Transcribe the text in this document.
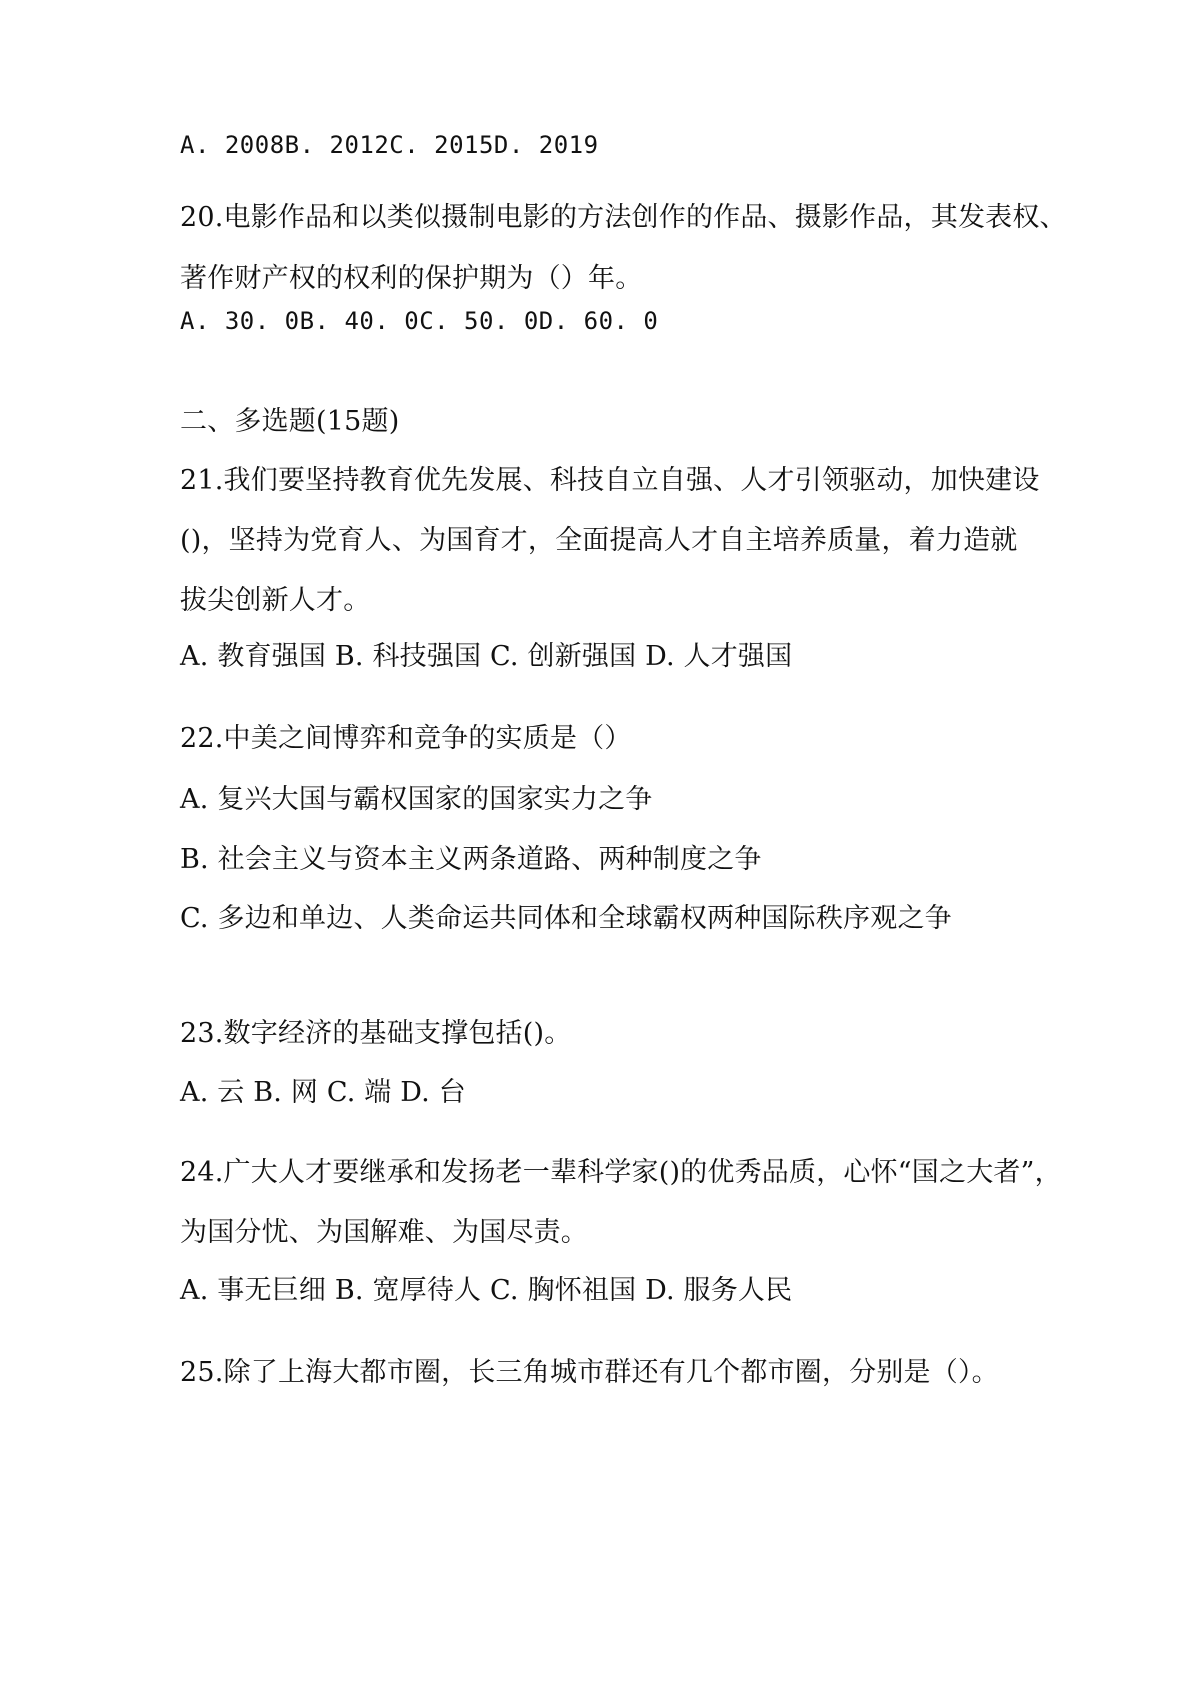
A. 2008B. 2012C. 2015D. 2019
20.电影作品和以类似摄制电影的方法创作的作品、摄影作品，其发表权、
著作财产权的权利的保护期为（）年。
A. 30. 0B. 40. 0C. 50. 0D. 60. 0
二、多选题(15题)
21.我们要坚持教育优先发展、科技自立自强、人才引领驱动，加快建设
()，坚持为党育人、为国育才，全面提高人才自主培养质量，着力造就
拔尖创新人才。
A. 教育强国 B. 科技强国 C. 创新强国 D. 人才强国
22.中美之间博弈和竞争的实质是（）
A. 复兴大国与霸权国家的国家实力之争
B. 社会主义与资本主义两条道路、两种制度之争
C. 多边和单边、人类命运共同体和全球霸权两种国际秩序观之争
23.数字经济的基础支撑包括()。
A. 云 B. 网 C. 端 D. 台
24.广大人才要继承和发扬老一辈科学家()的优秀品质，心怀“国之大者”，
为国分忧、为国解难、为国尽责。
A. 事无巨细 B. 宽厚待人 C. 胸怀祖国 D. 服务人民
25.除了上海大都市圈，长三角城市群还有几个都市圈，分别是（）。
